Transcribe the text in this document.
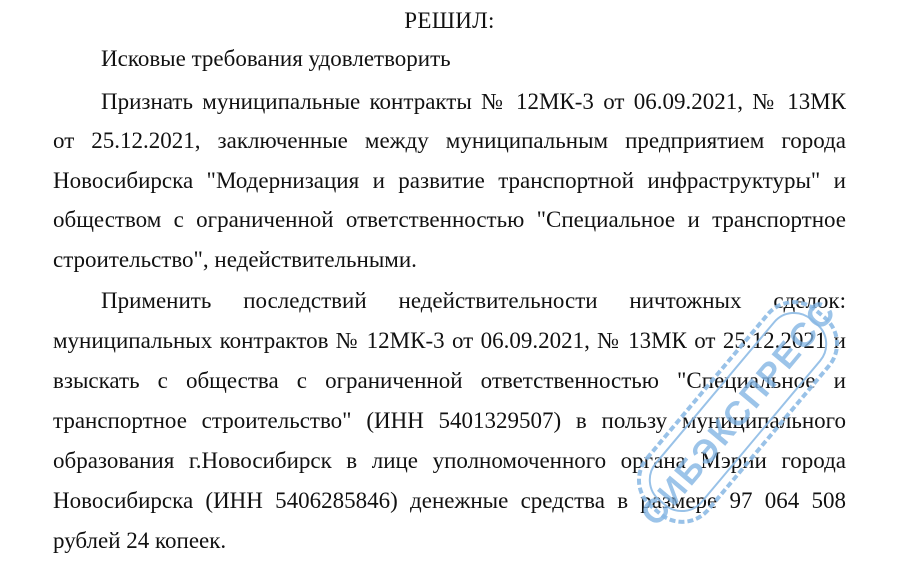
РЕШИЛ:
Исковые требования удовлетворить
Признать муниципальные контракты № 12МК-3 от 06.09.2021, № 13МК
от 25.12.2021, заключенные между муниципальным предприятием города
Новосибирска "Модернизация и развитие транспортной инфраструктуры" и
обществом с ограниченной ответственностью "Специальное и транспортное
строительство", недействительными.
Применить последствий недействительности ничтожных сделок:
муниципальных контрактов № 12МК-3 от 06.09.2021, № 13МК от 25.12.2021 и
взыскать с общества с ограниченной ответственностью "Специальное и
транспортное строительство" (ИНН 5401329507) в пользу муниципального
образования г.Новосибирск в лице уполномоченного органа Мэрии города
Новосибирска (ИНН 5406285846) денежные средства в размере 97 064 508
рублей 24 копеек.
СИБЭКСПРЕСС
